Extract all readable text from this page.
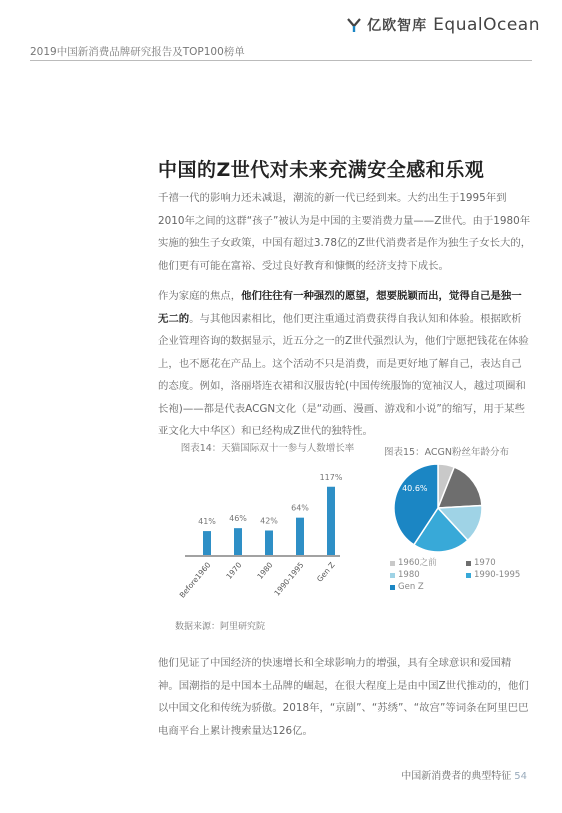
亿欧智库 EqualOcean
2019中国新消费品牌研究报告及TOP100榜单
中国的Z世代对未来充满安全感和乐观

千禧一代的影响力还未减退，潮流的新一代已经到来。大约出生于1995年到2010年之间的这群“孩子”被认为是中国的主要消费力量——Z世代。由于1980年实施的独生子女政策，中国有超过3.78亿的Z世代消费者是作为独生子女长大的，他们更有可能在富裕、受过良好教育和慷慨的经济支持下成长。

作为家庭的焦点，他们往往有一种强烈的愿望，想要脱颖而出，觉得自己是独一无二的。与其他因素相比，他们更注重通过消费获得自我认知和体验。根据欧析企业管理咨询的数据显示，近五分之一的Z世代强烈认为，他们宁愿把钱花在体验上，也不愿花在产品上。这个活动不只是消费，而是更好地了解自己，表达自己的态度。例如，洛丽塔连衣裙和汉服齿轮(中国传统服饰的宽袖汉人，越过项圈和长袍)——都是代表ACGN文化（是“动画、漫画、游戏和小说”的缩写，用于某些亚文化大中华区）和已经构成Z世代的独特性。

图表14：天猫国际双十一参与人数增长率
41%
Before1960
46%
1970
42%
1980
64%
1990-1995
117%
Gen Z
数据来源：阿里研究院
图表15：ACGN粉丝年龄分布
40.6%
1960之前	1970
1980	1990-1995
Gen Z

他们见证了中国经济的快速增长和全球影响力的增强，具有全球意识和爱国精神。国潮指的是中国本土品牌的崛起，在很大程度上是由中国Z世代推动的，他们以中国文化和传统为骄傲。2018年，“京剧”、“苏绣”、“故宫”等词条在阿里巴巴电商平台上累计搜索量达126亿。

中国新消费者的典型特征 54
